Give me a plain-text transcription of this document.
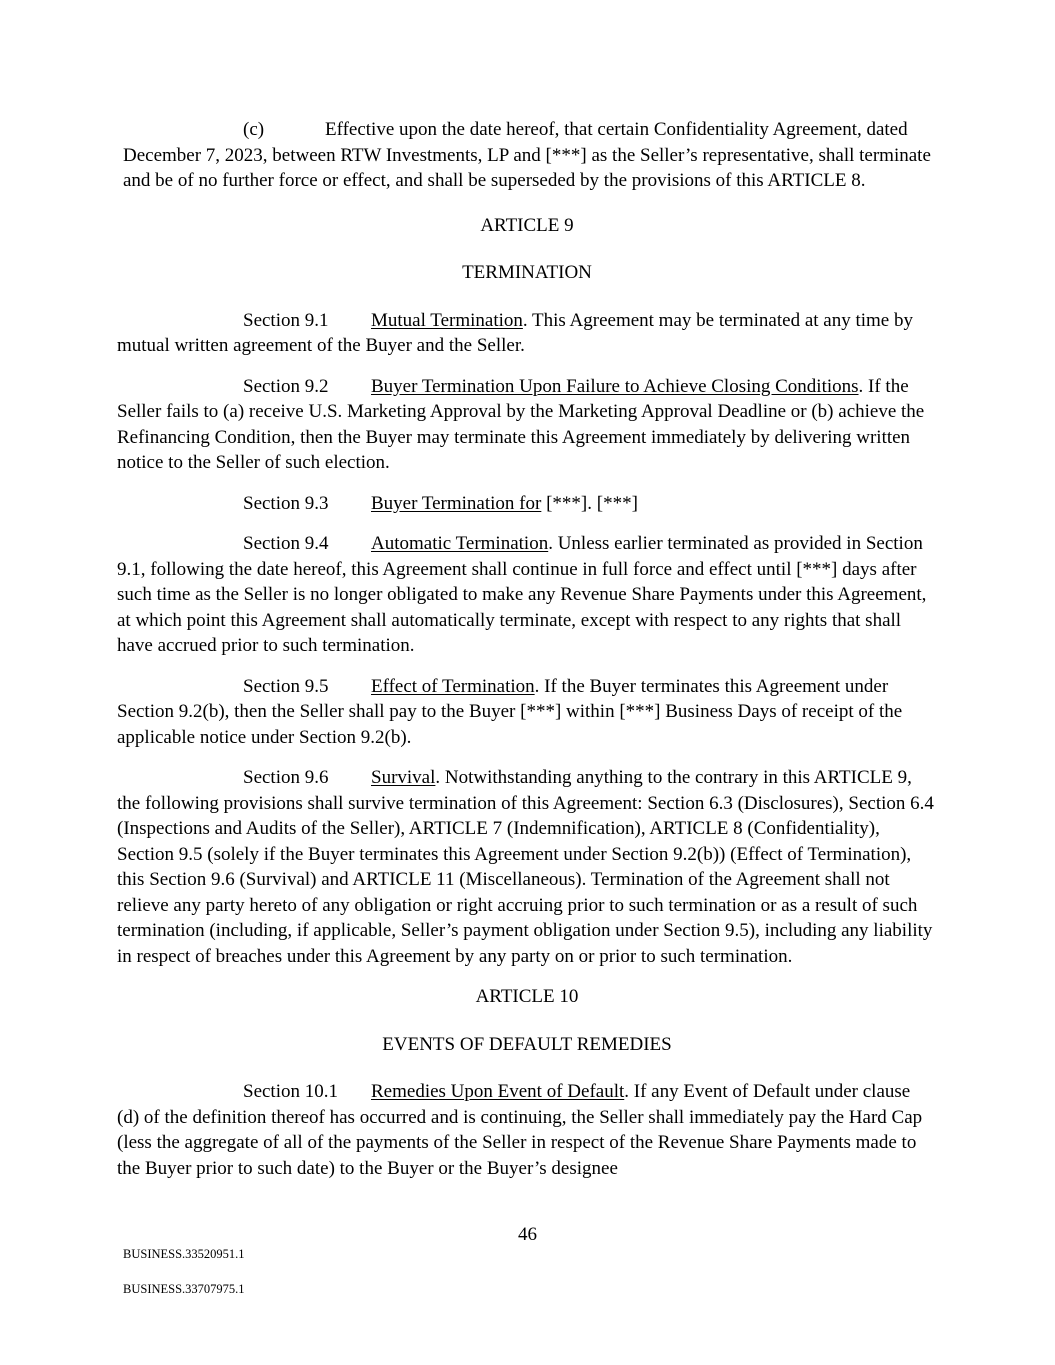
(c)	Effective upon the date hereof, that certain Confidentiality Agreement, dated December 7, 2023, between RTW Investments, LP and [***] as the Seller’s representative, shall terminate and be of no further force or effect, and shall be superseded by the provisions of this ARTICLE 8.

ARTICLE 9

TERMINATION

Section 9.1 Mutual Termination. This Agreement may be terminated at any time by mutual written agreement of the Buyer and the Seller.

Section 9.2 Buyer Termination Upon Failure to Achieve Closing Conditions. If the Seller fails to (a) receive U.S. Marketing Approval by the Marketing Approval Deadline or (b) achieve the Refinancing Condition, then the Buyer may terminate this Agreement immediately by delivering written notice to the Seller of such election.

Section 9.3 Buyer Termination for [***]. [***]

Section 9.4 Automatic Termination. Unless earlier terminated as provided in Section 9.1, following the date hereof, this Agreement shall continue in full force and effect until [***] days after such time as the Seller is no longer obligated to make any Revenue Share Payments under this Agreement, at which point this Agreement shall automatically terminate, except with respect to any rights that shall have accrued prior to such termination.

Section 9.5 Effect of Termination. If the Buyer terminates this Agreement under Section 9.2(b), then the Seller shall pay to the Buyer [***] within [***] Business Days of receipt of the applicable notice under Section 9.2(b).

Section 9.6 Survival. Notwithstanding anything to the contrary in this ARTICLE 9, the following provisions shall survive termination of this Agreement: Section 6.3 (Disclosures), Section 6.4 (Inspections and Audits of the Seller), ARTICLE 7 (Indemnification), ARTICLE 8 (Confidentiality), Section 9.5 (solely if the Buyer terminates this Agreement under Section 9.2(b)) (Effect of Termination), this Section 9.6 (Survival) and ARTICLE 11 (Miscellaneous). Termination of the Agreement shall not relieve any party hereto of any obligation or right accruing prior to such termination or as a result of such termination (including, if applicable, Seller’s payment obligation under Section 9.5), including any liability in respect of breaches under this Agreement by any party on or prior to such termination.

ARTICLE 10

EVENTS OF DEFAULT REMEDIES

Section 10.1 Remedies Upon Event of Default. If any Event of Default under clause (d) of the definition thereof has occurred and is continuing, the Seller shall immediately pay the Hard Cap (less the aggregate of all of the payments of the Seller in respect of the Revenue Share Payments made to the Buyer prior to such date) to the Buyer or the Buyer’s designee

46
BUSINESS.33520951.1
BUSINESS.33707975.1
